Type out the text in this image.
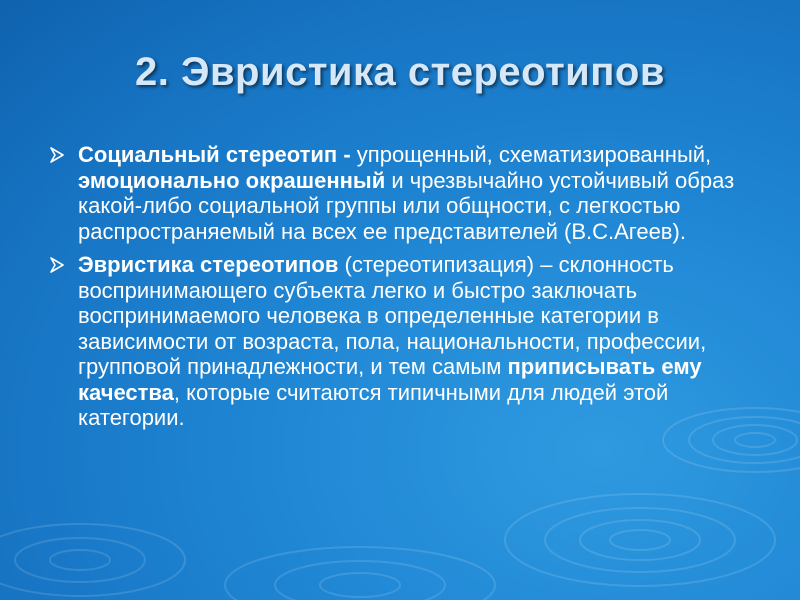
2. Эвристика стереотипов
Социальный стереотип - упрощенный, схематизированный, эмоционально окрашенный и чрезвычайно устойчивый образ какой-либо социальной группы или общности, с легкостью распространяемый на всех ее представителей (В.С.Агеев).
Эвристика стереотипов (стереотипизация) – склонность воспринимающего субъекта легко и быстро заключать воспринимаемого человека в определенные категории в зависимости от возраста, пола, национальности, профессии, групповой принадлежности, и тем самым приписывать ему качества, которые считаются типичными для людей этой категории.
